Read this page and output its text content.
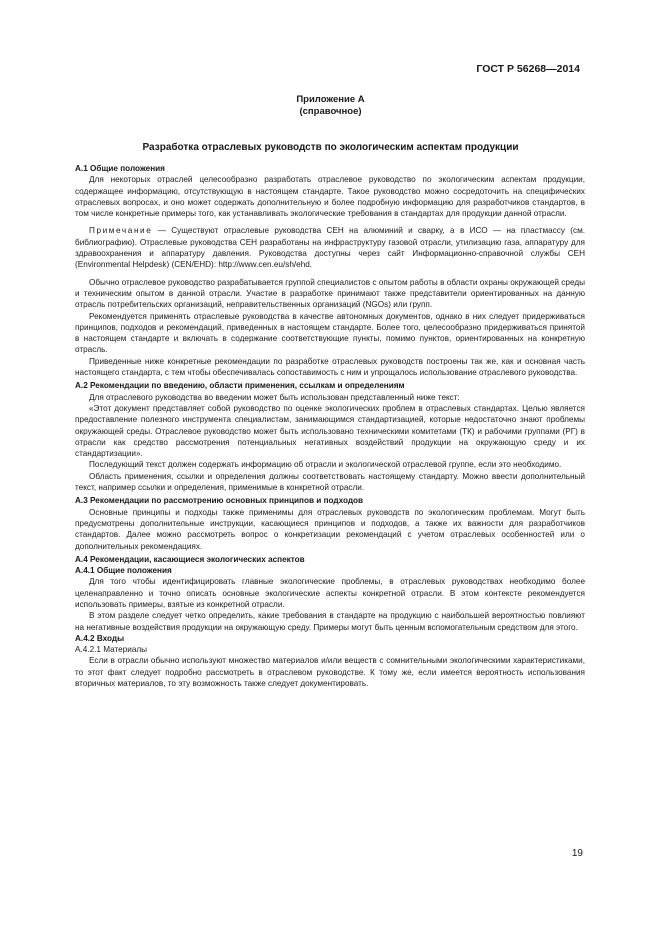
ГОСТ Р 56268—2014
Приложение А
(справочное)
Разработка отраслевых руководств по экологическим аспектам продукции

А.1 Общие положения

Для некоторых отраслей целесообразно разработать отраслевое руководство по экологическим аспектам продукции, содержащее информацию, отсутствующую в настоящем стандарте. Такое руководство можно сосредоточить на специфических отраслевых вопросах, и оно может содержать дополнительную и более подробную информацию для разработчиков стандартов, в том числе конкретные примеры того, как устанавливать экологические требования в стандартах для продукции данной отрасли.

Примечание — Существуют отраслевые руководства СЕН на алюминий и сварку, а в ИСО — на пластмассу (см. библиографию). Отраслевые руководства СЕН разработаны на инфраструктуру газовой отрасли, утилизацию газа, аппаратуру для здравоохранения и аппаратуру давления. Руководства доступны через сайт Информационно-справочной службы СЕН (Environmental Helpdesk) (CEN/EHD): http://www.cen.eu/sh/ehd.

Обычно отраслевое руководство разрабатывается группой специалистов с опытом работы в области охраны окружающей среды и техническим опытом в данной отрасли. Участие в разработке принимают также представители ориентированных на данную отрасль потребительских организаций, неправительственных организаций (NGOs) или групп.

Рекомендуется применять отраслевые руководства в качестве автономных документов, однако в них следует придерживаться принципов, подходов и рекомендаций, приведенных в настоящем стандарте. Более того, целесообразно придерживаться принятой в настоящем стандарте и включать в содержание соответствующие пункты, помимо пунктов, ориентированных на конкретную отрасль.

Приведенные ниже конкретные рекомендации по разработке отраслевых руководств построены так же, как и основная часть настоящего стандарта, с тем чтобы обеспечивалась сопоставимость с ним и упрощалось использование отраслевого руководства.

А.2 Рекомендации по введению, области применения, ссылкам и определениям

Для отраслевого руководства во введении может быть использован представленный ниже текст:

«Этот документ представляет собой руководство по оценке экологических проблем в отраслевых стандартах. Целью является предоставление полезного инструмента специалистам, занимающимся стандартизацией, которые недостаточно знают проблемы окружающей среды. Отраслевое руководство может быть использовано техническими комитетами (ТК) и рабочими группами (РГ) в отрасли как средство рассмотрения потенциальных негативных воздействий продукции на окружающую среду и их стандартизации».

Последующий текст должен содержать информацию об отрасли и экологической отраслевой группе, если это необходимо.

Область применения, ссылки и определения должны соответствовать настоящему стандарту. Можно ввести дополнительный текст, например ссылки и определения, применимые в конкретной отрасли.

А.3 Рекомендации по рассмотрению основных принципов и подходов

Основные принципы и подходы также применимы для отраслевых руководств по экологическим проблемам. Могут быть предусмотрены дополнительные инструкции, касающиеся принципов и подходов, а также их важности для разработчиков стандартов. Далее можно рассмотреть вопрос о конкретизации рекомендаций с учетом отраслевых особенностей или о дополнительных рекомендациях.

А.4 Рекомендации, касающиеся экологических аспектов

А.4.1 Общие положения

Для того чтобы идентифицировать главные экологические проблемы, в отраслевых руководствах необходимо более целенаправленно и точно описать основные экологические аспекты конкретной отрасли. В этом контексте рекомендуется использовать примеры, взятые из конкретной отрасли.

В этом разделе следует четко определить, какие требования в стандарте на продукцию с наибольшей вероятностью повлияют на негативные воздействия продукции на окружающую среду. Примеры могут быть ценным вспомогательным средством для этого.

А.4.2 Входы

А.4.2.1 Материалы

Если в отрасли обычно используют множество материалов и/или веществ с сомнительными экологическими характеристиками, то этот факт следует подробно рассмотреть в отраслевом руководстве. К тому же, если имеется вероятность использования вторичных материалов, то эту возможность также следует документировать.

19
